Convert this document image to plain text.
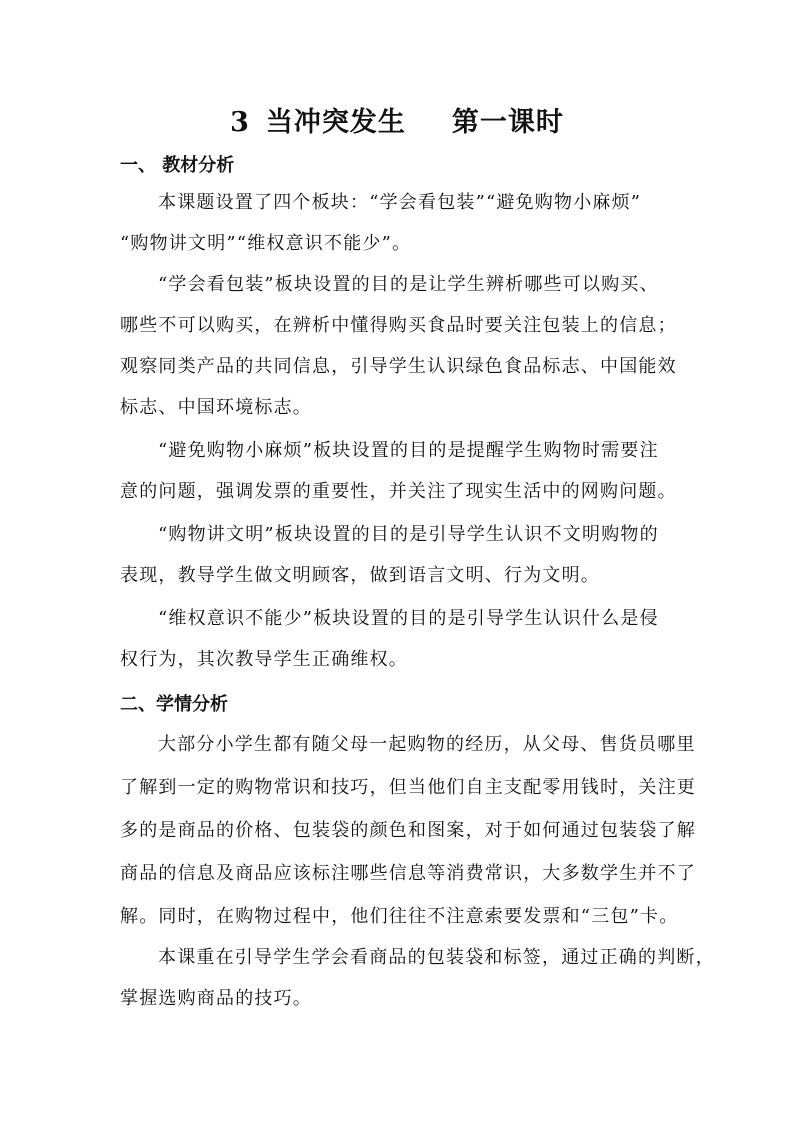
3 当冲突发生 第一课时
一、 教材分析
本课题设置了四个板块：“学会看包装”“避免购物小麻烦”
“购物讲文明”“维权意识不能少”。
“学会看包装”板块设置的目的是让学生辨析哪些可以购买、
哪些不可以购买，在辨析中懂得购买食品时要关注包装上的信息；
观察同类产品的共同信息，引导学生认识绿色食品标志、中国能效
标志、中国环境标志。
“避免购物小麻烦”板块设置的目的是提醒学生购物时需要注
意的问题，强调发票的重要性，并关注了现实生活中的网购问题。
“购物讲文明”板块设置的目的是引导学生认识不文明购物的
表现，教导学生做文明顾客，做到语言文明、行为文明。
“维权意识不能少”板块设置的目的是引导学生认识什么是侵
权行为，其次教导学生正确维权。
二、学情分析
大部分小学生都有随父母一起购物的经历，从父母、售货员哪里
了解到一定的购物常识和技巧，但当他们自主支配零用钱时，关注更
多的是商品的价格、包装袋的颜色和图案，对于如何通过包装袋了解
商品的信息及商品应该标注哪些信息等消费常识，大多数学生并不了
解。同时，在购物过程中，他们往往不注意索要发票和“三包”卡。
本课重在引导学生学会看商品的包装袋和标签，通过正确的判断，
掌握选购商品的技巧。
